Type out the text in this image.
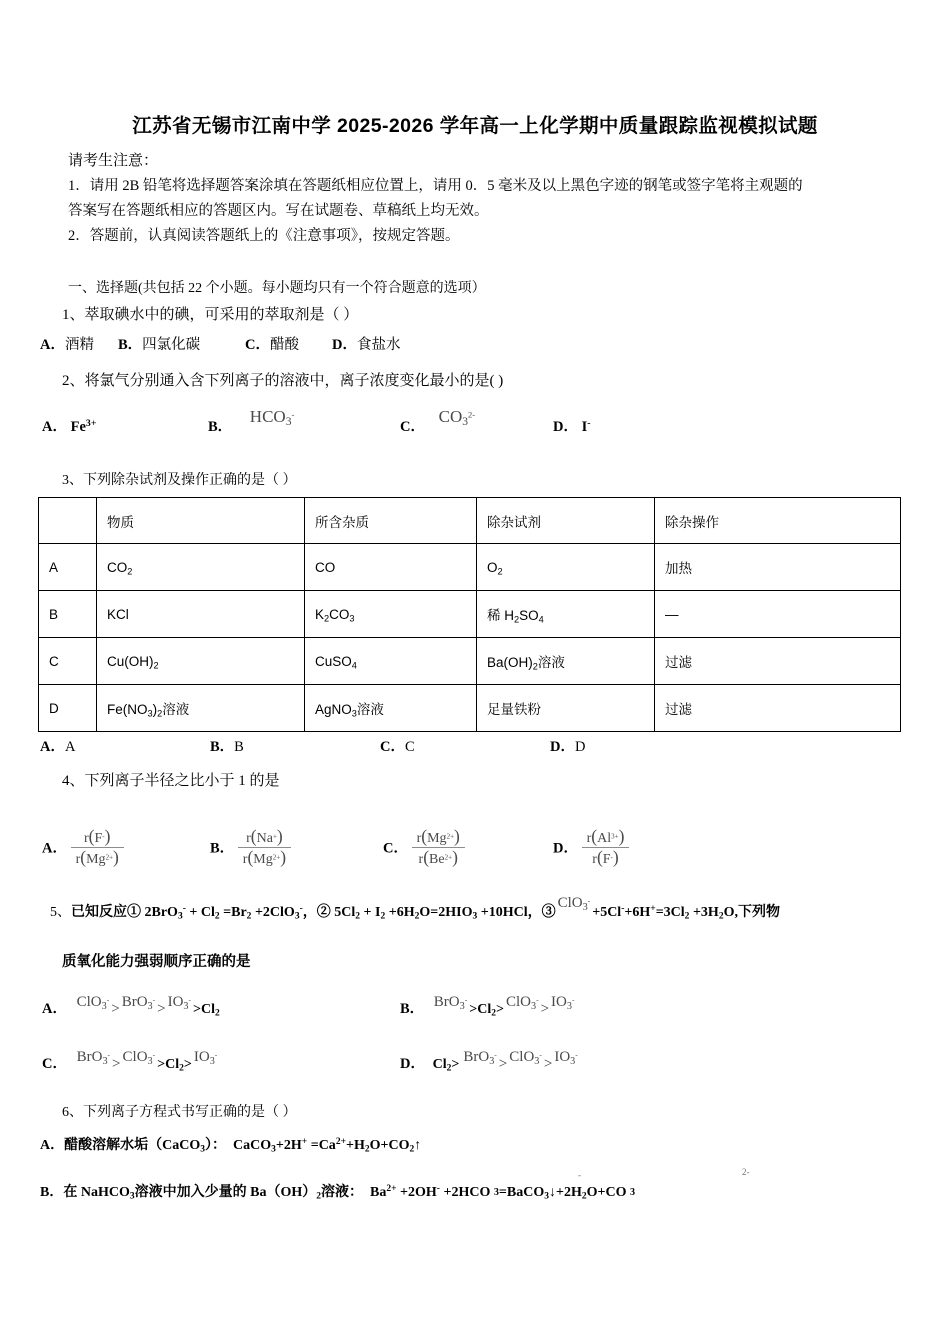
江苏省无锡市江南中学 2025-2026 学年高一上化学期中质量跟踪监视模拟试题
请考生注意：
1．请用 2B 铅笔将选择题答案涂填在答题纸相应位置上，请用 0．5 毫米及以上黑色字迹的钢笔或签字笔将主观题的
答案写在答题纸相应的答题区内。写在试题卷、草稿纸上均无效。
2．答题前，认真阅读答题纸上的《注意事项》，按规定答题。
一、选择题(共包括 22 个小题。每小题均只有一个符合题意的选项）
1、萃取碘水中的碘，可采用的萃取剂是（ ）
A．酒精 B．四氯化碳	C．醋酸 D．食盐水
2、将氯气分别通入含下列离子的溶液中，离子浓度变化最小的是( )
A． $Fe^{3+}$	B． $HCO_3^-$
C． $CO_3^{2-}$
D． I-
3、下列除杂试剂及操作正确的是（ ）
	物质	所含杂质	除杂试剂	除杂操作
A	$CO_2$	CO	$O_2$	加热
B	KCl	$K_2CO_3$	稀 $H_2SO_4$	—
C	$Cu(OH)_2$	CuSO$_4$	$Ba(OH)_2$溶液	过滤
D	$Fe(NO_3)_2$溶液	AgNO$_3$溶液	足量铁粉	过滤
A．A	B．B	C．C	D．D
4、下列离子半径之比小于 1 的是
A． $\frac{r(F^-)}{r(Mg^{2+})}$	B． $\frac{r(Na^+)}{r(Mg^{2+})}$	C． $\frac{r(Mg^{2+})}{r(Be^{2+})}$	D． $\frac{r(Al^{3+})}{r(F^-)}$
5、已知反应① $2BrO_3^- + Cl_2 =Br_2 +2ClO_3^-$，② $5Cl_2 + I_2 +6H_2O=2HIO_3 +10HCl$，$③ClO_3^-+5Cl^-+6H^+=3Cl_2 +3H_2O$,下列物
质氧化能力强弱顺序正确的是
A． $ClO_3^-> BrO_3^-> IO_3^->Cl_2$	B． $BrO_3^->Cl_2> ClO_3^-> IO_3^-$
C． $BrO_3^-> ClO_3^->Cl_2> IO_3^-$
D． $Cl_2> BrO_3^-> ClO_3^-> IO_3^-$
6、下列离子方程式书写正确的是（ ）
A．醋酸溶解水垢（CaCO$_3$）：  CaCO$_3$+2H+ $=Ca^{2+}+H_2O+CO_2↑$
B．在 NaHCO$_3$溶液中加入少量的 $Ba(OH)_2$溶液：  $Ba^{2+} +2OH^- +2HCO$ $^3=BaCO_3↓+2H_2O+CO$ $^3$
-	2-
